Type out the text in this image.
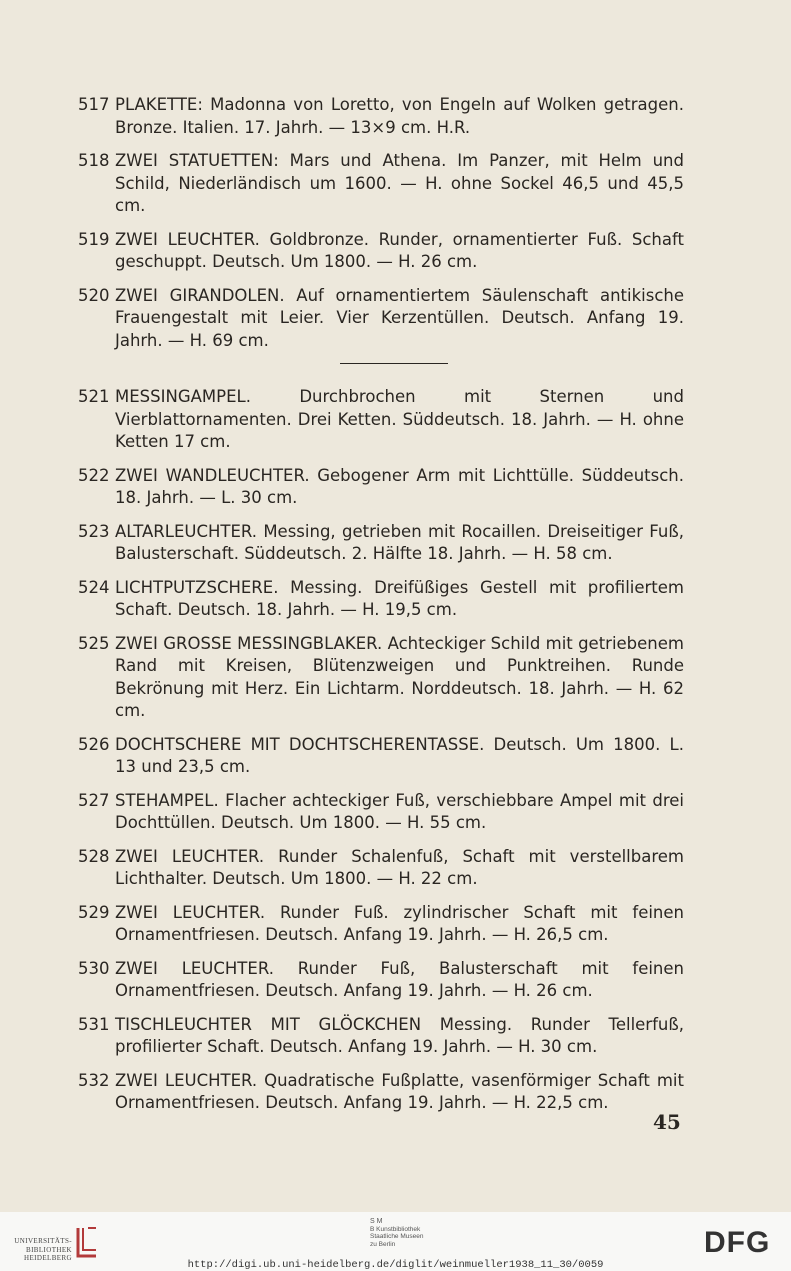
517 PLAKETTE: Madonna von Loretto, von Engeln auf Wolken getragen. Bronze. Italien. 17. Jahrh. — 13×9 cm. H.R.
518 ZWEI STATUETTEN: Mars und Athena. Im Panzer, mit Helm und Schild, Niederländisch um 1600. — H. ohne Sockel 46,5 und 45,5 cm.
519 ZWEI LEUCHTER. Goldbronze. Runder, ornamentierter Fuß. Schaft geschuppt. Deutsch. Um 1800. — H. 26 cm.
520 ZWEI GIRANDOLEN. Auf ornamentiertem Säulenschaft antikische Frauengestalt mit Leier. Vier Kerzentüllen. Deutsch. Anfang 19. Jahrh. — H. 69 cm.
521 MESSINGAMPEL. Durchbrochen mit Sternen und Vierblattornamenten. Drei Ketten. Süddeutsch. 18. Jahrh. — H. ohne Ketten 17 cm.
522 ZWEI WANDLEUCHTER. Gebogener Arm mit Lichttülle. Süddeutsch. 18. Jahrh. — L. 30 cm.
523 ALTARLEUCHTER. Messing, getrieben mit Rocaillen. Dreiseitiger Fuß, Balusterschaft. Süddeutsch. 2. Hälfte 18. Jahrh. — H. 58 cm.
524 LICHTPUTZSCHERE. Messing. Dreifüßiges Gestell mit profiliertem Schaft. Deutsch. 18. Jahrh. — H. 19,5 cm.
525 ZWEI GROSSE MESSINGBLAKER. Achteckiger Schild mit getriebenem Rand mit Kreisen, Blütenzweigen und Punktreihen. Runde Bekrönung mit Herz. Ein Lichtarm. Norddeutsch. 18. Jahrh. — H. 62 cm.
526 DOCHTSCHERE MIT DOCHTSCHERENTASSE. Deutsch. Um 1800. L. 13 und 23,5 cm.
527 STEHAMPEL. Flacher achteckiger Fuß, verschiebbare Ampel mit drei Dochttüllen. Deutsch. Um 1800. — H. 55 cm.
528 ZWEI LEUCHTER. Runder Schalenfuß, Schaft mit verstellbarem Lichthalter. Deutsch. Um 1800. — H. 22 cm.
529 ZWEI LEUCHTER. Runder Fuß. zylindrischer Schaft mit feinen Ornamentfriesen. Deutsch. Anfang 19. Jahrh. — H. 26,5 cm.
530 ZWEI LEUCHTER. Runder Fuß, Balusterschaft mit feinen Ornamentfriesen. Deutsch. Anfang 19. Jahrh. — H. 26 cm.
531 TISCHLEUCHTER MIT GLÖCKCHEN Messing. Runder Tellerfuß, profilierter Schaft. Deutsch. Anfang 19. Jahrh. — H. 30 cm.
532 ZWEI LEUCHTER. Quadratische Fußplatte, vasenförmiger Schaft mit Ornamentfriesen. Deutsch. Anfang 19. Jahrh. — H. 22,5 cm.
45
UNIVERSITÄTS-
BIBLIOTHEK
HEIDELBERG
S M
B Kunstbibliothek
Staatliche Museen
zu Berlin	DFG
http://digi.ub.uni-heidelberg.de/diglit/weinmueller1938_11_30/0059
